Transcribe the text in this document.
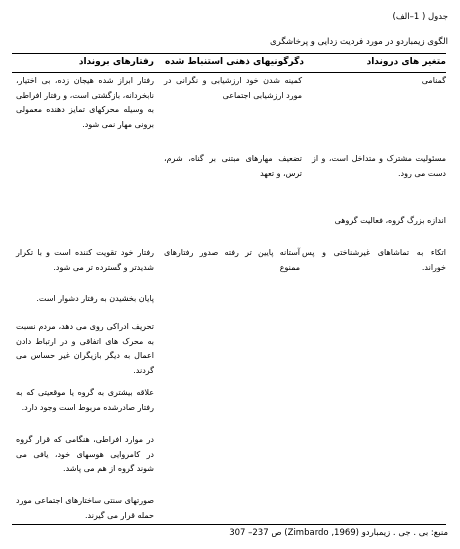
جدول ( 1–الف)
الگوی زیمباردو در مورد فردیت زدایی و پرخاشگری
متغیر های درونداد
دگرگونیهای ذهنی استنباط شده
رفتارهای برونداد
گمنامی
کمینه شدن خود ارزشیابی و نگرانی در مورد ارزشیابی اجتماعی
رفتار ابراز شده هیجان زده، بی اختیار، نابخردانه، بازگشتی است، و رفتار افراطی به وسیله محرکهای تمایز دهنده معمولی برونی مهار نمی شود.
مسئولیت مشترک و متداخل است، و از دست می رود.
تضعیف مهارهای مبتنی بر گناه، شرم، ترس، و تعهد
اندازه بزرگ گروه، فعالیت گروهی
اتکاء به تماشاهای غیرشناختی و پس خوراند.
آستانه پایین تر رفته صدور رفتارهای ممنوع
رفتار خود تقویت کننده است و با تکرار شدیدتر و گسترده تر می شود.
پایان بخشیدن به رفتار دشوار است.
تحریف ادراکی روی می دهد، مردم نسبت به محرک های اتفاقی و در ارتباط دادن اعمال به دیگر بازیگران غیر حساس می گردند.
علاقه بیشتری به گروه یا موقعیتی که به رفتار صادرشده مربوط است وجود دارد.
در موارد افراطی، هنگامی که قرار گروه در کامروایی هوسهای خود، یافی می شوند گروه از هم می پاشد.
صورتهای سنتی ساختارهای اجتماعی مورد حمله قرار می گیرند.
منبع: بی . جی . زیمباردو (Zimbardo ,1969) ص 237– 307
